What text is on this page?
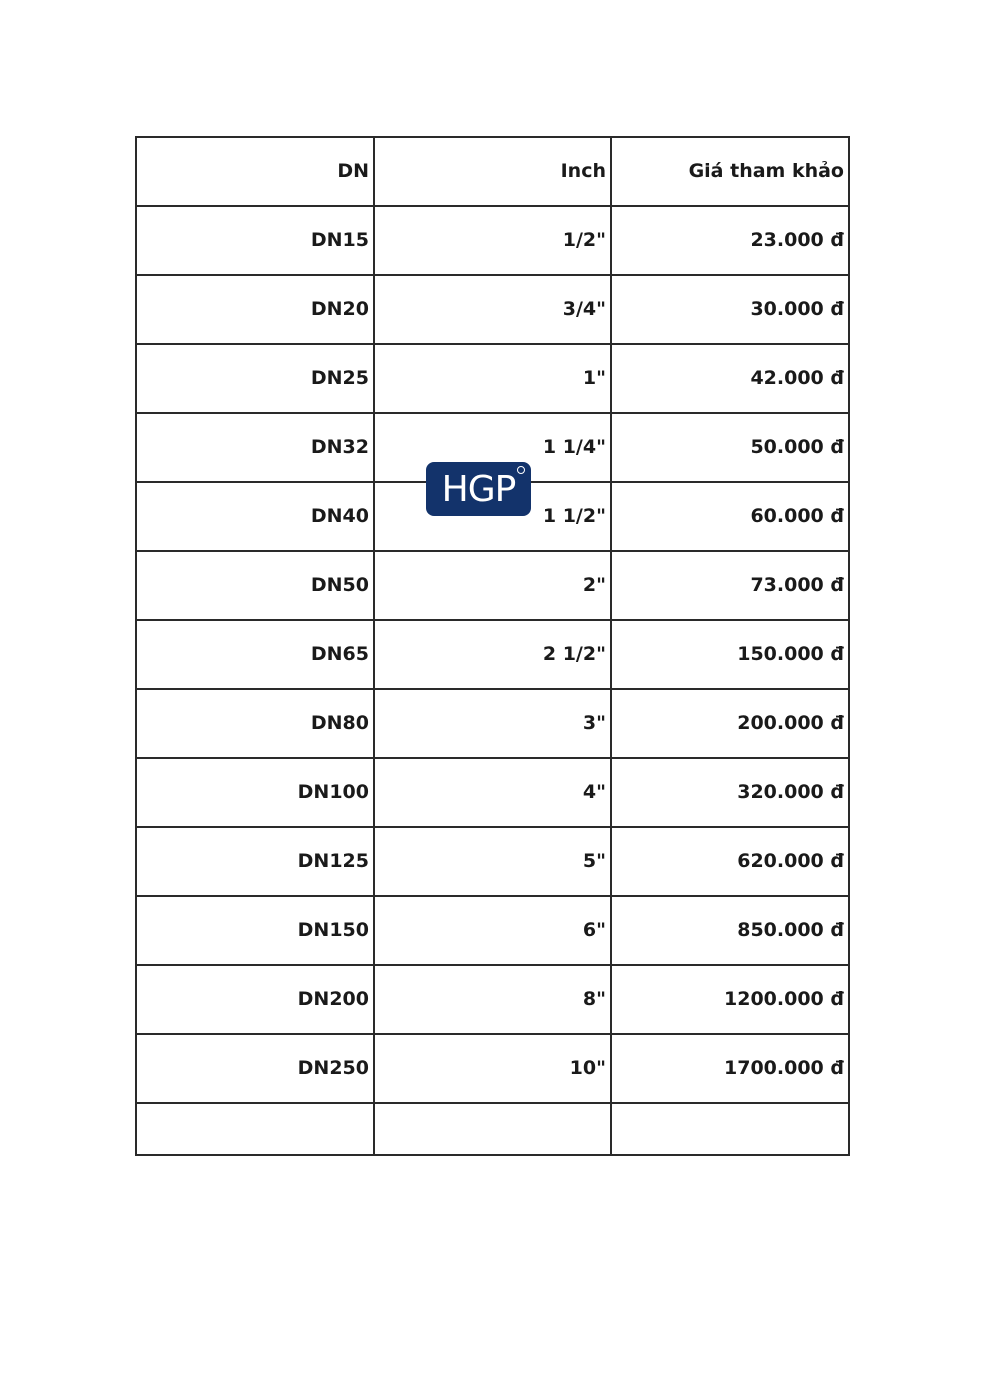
DN	Inch	Giá tham khảo
DN15	1/2"	23.000 đ
DN20	3/4"	30.000 đ
DN25	1"	42.000 đ
DN32	1 1/4"	50.000 đ
DN40	1 1/2"	60.000 đ
DN50	2"	73.000 đ
DN65	2 1/2"	150.000 đ
DN80	3"	200.000 đ
DN100	4"	320.000 đ
DN125	5"	620.000 đ
DN150	6"	850.000 đ
DN200	8"	1200.000 đ
DN250	10"	1700.000 đ

HGP
